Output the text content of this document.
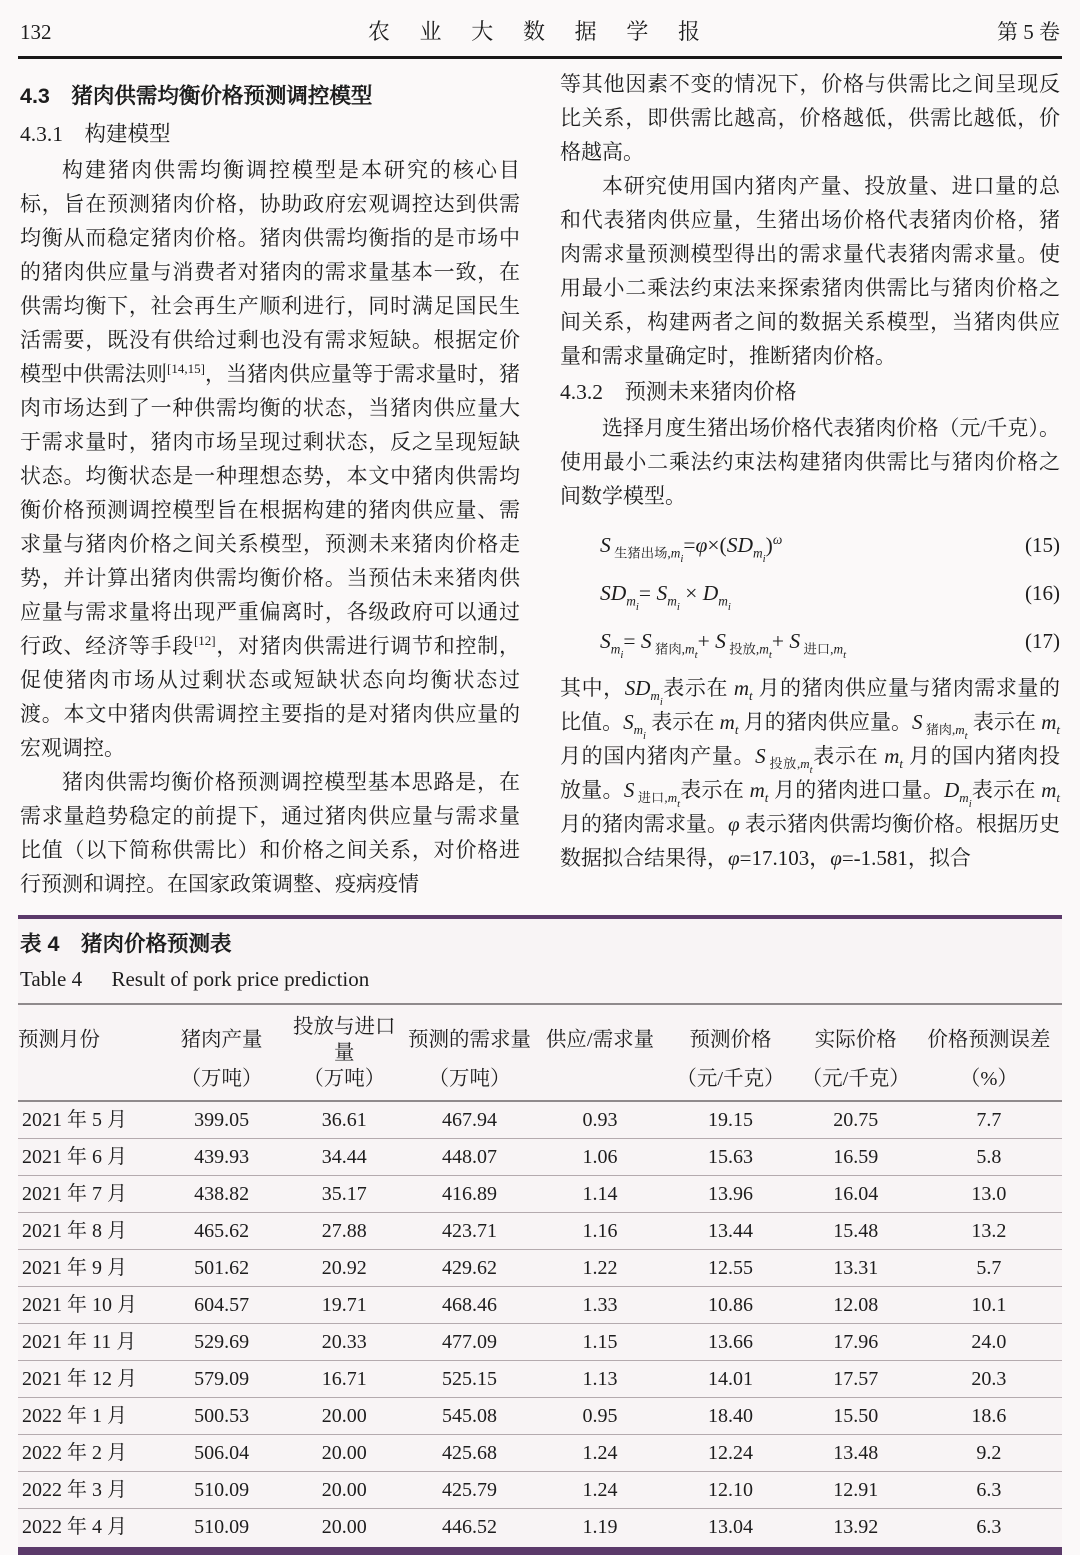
132	农 业 大 数 据 学 报	第 5 卷
4.3 猪肉供需均衡价格预测调控模型
4.3.1 构建模型

构建猪肉供需均衡调控模型是本研究的核心目标，旨在预测猪肉价格，协助政府宏观调控达到供需均衡从而稳定猪肉价格。猪肉供需均衡指的是市场中的猪肉供应量与消费者对猪肉的需求量基本一致，在供需均衡下，社会再生产顺利进行，同时满足国民生活需要，既没有供给过剩也没有需求短缺。根据定价模型中供需法则[14,15]，当猪肉供应量等于需求量时，猪肉市场达到了一种供需均衡的状态，当猪肉供应量大于需求量时，猪肉市场呈现过剩状态，反之呈现短缺状态。均衡状态是一种理想态势，本文中猪肉供需均衡价格预测调控模型旨在根据构建的猪肉供应量、需求量与猪肉价格之间关系模型，预测未来猪肉价格走势，并计算出猪肉供需均衡价格。当预估未来猪肉供应量与需求量将出现严重偏离时，各级政府可以通过行政、经济等手段[12]，对猪肉供需进行调节和控制，促使猪肉市场从过剩状态或短缺状态向均衡状态过渡。本文中猪肉供需调控主要指的是对猪肉供应量的宏观调控。

猪肉供需均衡价格预测调控模型基本思路是，在需求量趋势稳定的前提下，通过猪肉供应量与需求量比值（以下简称供需比）和价格之间关系，对价格进行预测和调控。在国家政策调整、疫病疫情

等其他因素不变的情况下，价格与供需比之间呈现反比关系，即供需比越高，价格越低，供需比越低，价格越高。

本研究使用国内猪肉产量、投放量、进口量的总和代表猪肉供应量，生猪出场价格代表猪肉价格，猪肉需求量预测模型得出的需求量代表猪肉需求量。使用最小二乘法约束法来探索猪肉供需比与猪肉价格之间关系，构建两者之间的数据关系模型，当猪肉供应量和需求量确定时，推断猪肉价格。

4.3.2 预测未来猪肉价格

选择月度生猪出场价格代表猪肉价格（元/千克）。使用最小二乘法约束法构建猪肉供需比与猪肉价格之间数学模型。

S $_{生猪出场,mi}=\varphi\times(SD_{mi})^\omega$	(15)
$SD_{mi}= S_{mi} \times D_{mi}$
(16)
$S_{mi}= S$ $_{猪肉,mt}$+ S $_{投放,mt}$+ S $_{进口,mt}$
(17)

其中，$SD_{mi}$表示在 $m_t$ 月的猪肉供应量与猪肉需求量的比值。$S_{mi}$ 表示在 $m_t$ 月的猪肉供应量。S $_{猪肉,mt}$ 表示在 $m_t$ 月的国内猪肉产量。S $_{投放,mt}$表示在 $m_t$ 月的国内猪肉投放量。S $_{进口,mt}$表示在 $m_t$ 月的猪肉进口量。$D_{mi}$表示在 $m_t$ 月的猪肉需求量。φ 表示猪肉供需均衡价格。根据历史数据拟合结果得，φ=17.103，φ=-1.581，拟合

表 4 猪肉价格预测表
Table 4 Result of pork price prediction
预测月份	猪肉产量	投放与进口量	预测的需求量	供应/需求量	预测价格	实际价格	价格预测误差
	（万吨）	（万吨）	（万吨）		（元/千克）	（元/千克）	（%）
2021 年 5 月	399.05	36.61	467.94	0.93	19.15	20.75	7.7
2021 年 6 月	439.93	34.44	448.07	1.06	15.63	16.59	5.8
2021 年 7 月	438.82	35.17	416.89	1.14	13.96	16.04	13.0
2021 年 8 月	465.62	27.88	423.71	1.16	13.44	15.48	13.2
2021 年 9 月	501.62	20.92	429.62	1.22	12.55	13.31	5.7
2021 年 10 月	604.57	19.71	468.46	1.33	10.86	12.08	10.1
2021 年 11 月	529.69	20.33	477.09	1.15	13.66	17.96	24.0
2021 年 12 月	579.09	16.71	525.15	1.13	14.01	17.57	20.3
2022 年 1 月	500.53	20.00	545.08	0.95	18.40	15.50	18.6
2022 年 2 月	506.04	20.00	425.68	1.24	12.24	13.48	9.2
2022 年 3 月	510.09	20.00	425.79	1.24	12.10	12.91	6.3
2022 年 4 月	510.09	20.00	446.52	1.19	13.04	13.92	6.3
